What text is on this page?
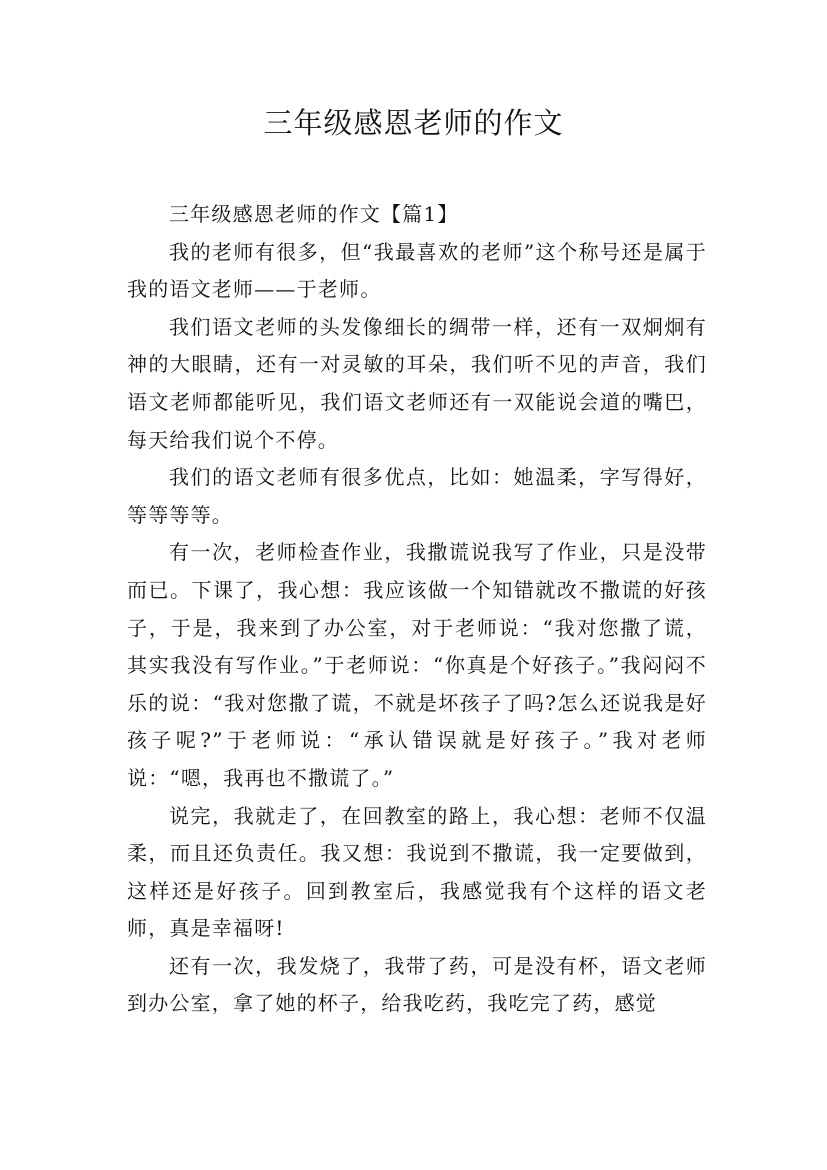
三年级感恩老师的作文

三年级感恩老师的作文【篇1】

我的老师有很多，但“我最喜欢的老师”这个称号还是属于我的语文老师——于老师。

我们语文老师的头发像细长的绸带一样，还有一双炯炯有神的大眼睛，还有一对灵敏的耳朵，我们听不见的声音，我们语文老师都能听见，我们语文老师还有一双能说会道的嘴巴，每天给我们说个不停。

我们的语文老师有很多优点，比如：她温柔，字写得好，等等等等。

有一次，老师检查作业，我撒谎说我写了作业，只是没带而已。下课了，我心想：我应该做一个知错就改不撒谎的好孩子，于是，我来到了办公室，对于老师说：“我对您撒了谎，其实我没有写作业。”于老师说：“你真是个好孩子。”我闷闷不乐的说：“我对您撒了谎，不就是坏孩子了吗?怎么还说我是好孩子呢?”于老师说：“承认错误就是好孩子。”我对老师说：“嗯，我再也不撒谎了。”

说完，我就走了，在回教室的路上，我心想：老师不仅温柔，而且还负责任。我又想：我说到不撒谎，我一定要做到，这样还是好孩子。回到教室后，我感觉我有个这样的语文老师，真是幸福呀!

还有一次，我发烧了，我带了药，可是没有杯，语文老师到办公室，拿了她的杯子，给我吃药，我吃完了药，感觉
